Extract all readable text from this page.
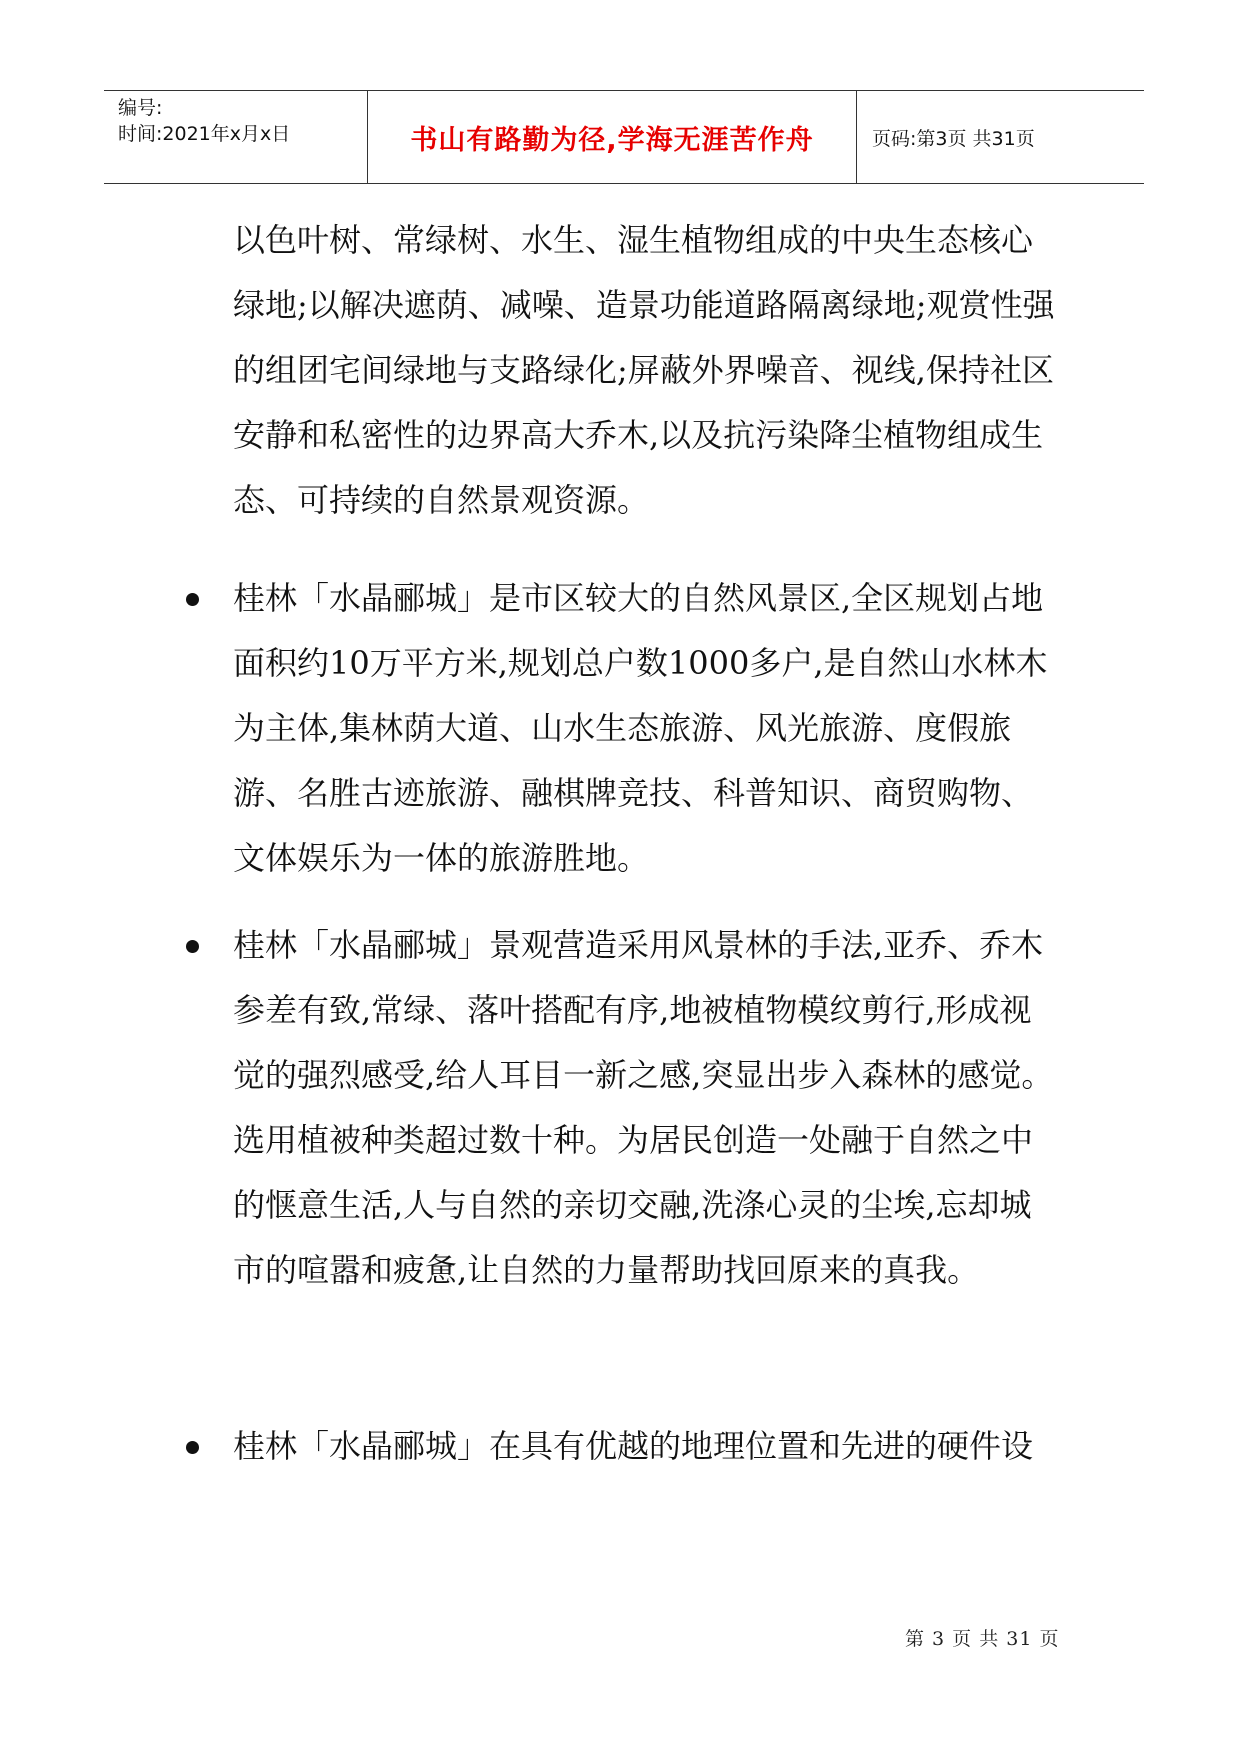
编号:
时间:2021年x月x日	书山有路勤为径,学海无涯苦作舟	页码:第3页 共31页
以色叶树、常绿树、水生、湿生植物组成的中央生态核心绿地;以解决遮荫、减噪、造景功能道路隔离绿地;观赏性强的组团宅间绿地与支路绿化;屏蔽外界噪音、视线,保持社区安静和私密性的边界高大乔木,以及抗污染降尘植物组成生态、可持续的自然景观资源。
桂林「水晶郦城」是市区较大的自然风景区,全区规划占地面积约10万平方米,规划总户数1000多户,是自然山水林木为主体,集林荫大道、山水生态旅游、风光旅游、度假旅游、名胜古迹旅游、融棋牌竞技、科普知识、商贸购物、文体娱乐为一体的旅游胜地。
桂林「水晶郦城」景观营造采用风景林的手法,亚乔、乔木参差有致,常绿、落叶搭配有序,地被植物模纹剪行,形成视觉的强烈感受,给人耳目一新之感,突显出步入森林的感觉。选用植被种类超过数十种。为居民创造一处融于自然之中的惬意生活,人与自然的亲切交融,洗涤心灵的尘埃,忘却城市的喧嚣和疲惫,让自然的力量帮助找回原来的真我。
桂林「水晶郦城」在具有优越的地理位置和先进的硬件设
第 3 页 共 31 页
